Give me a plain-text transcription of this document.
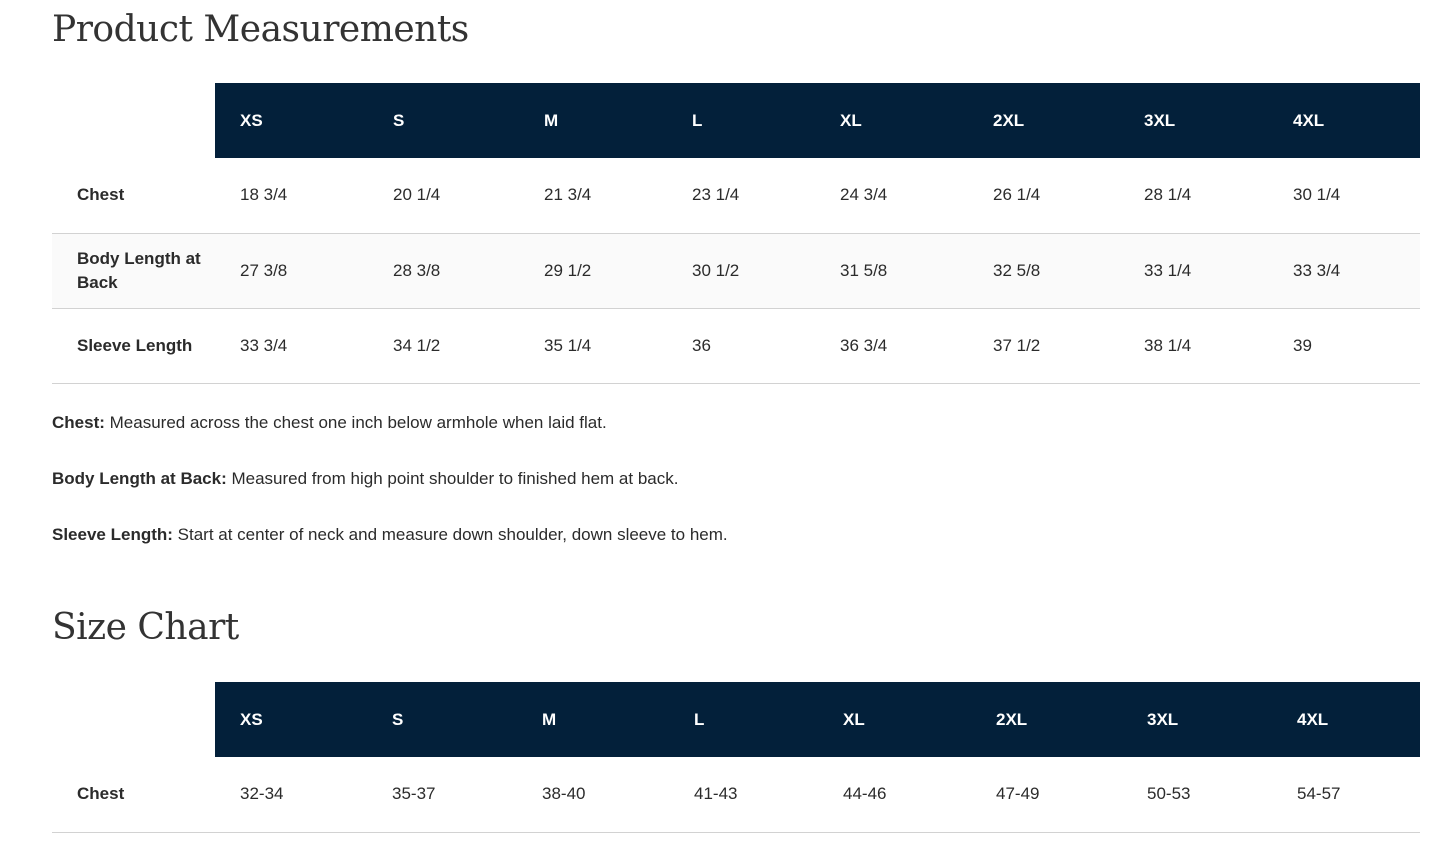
Product Measurements
	XS	S	M	L	XL	2XL	3XL	4XL
Chest	18 3/4	20 1/4	21 3/4	23 1/4	24 3/4	26 1/4	28 1/4	30 1/4
Body Length at Back	27 3/8	28 3/8	29 1/2	30 1/2	31 5/8	32 5/8	33 1/4	33 3/4
Sleeve Length	33 3/4	34 1/2	35 1/4	36	36 3/4	37 1/2	38 1/4	39

Chest: Measured across the chest one inch below armhole when laid flat.

Body Length at Back: Measured from high point shoulder to finished hem at back.

Sleeve Length: Start at center of neck and measure down shoulder, down sleeve to hem.

Size Chart
	XS	S	M	L	XL	2XL	3XL	4XL
Chest	32-34	35-37	38-40	41-43	44-46	47-49	50-53	54-57
